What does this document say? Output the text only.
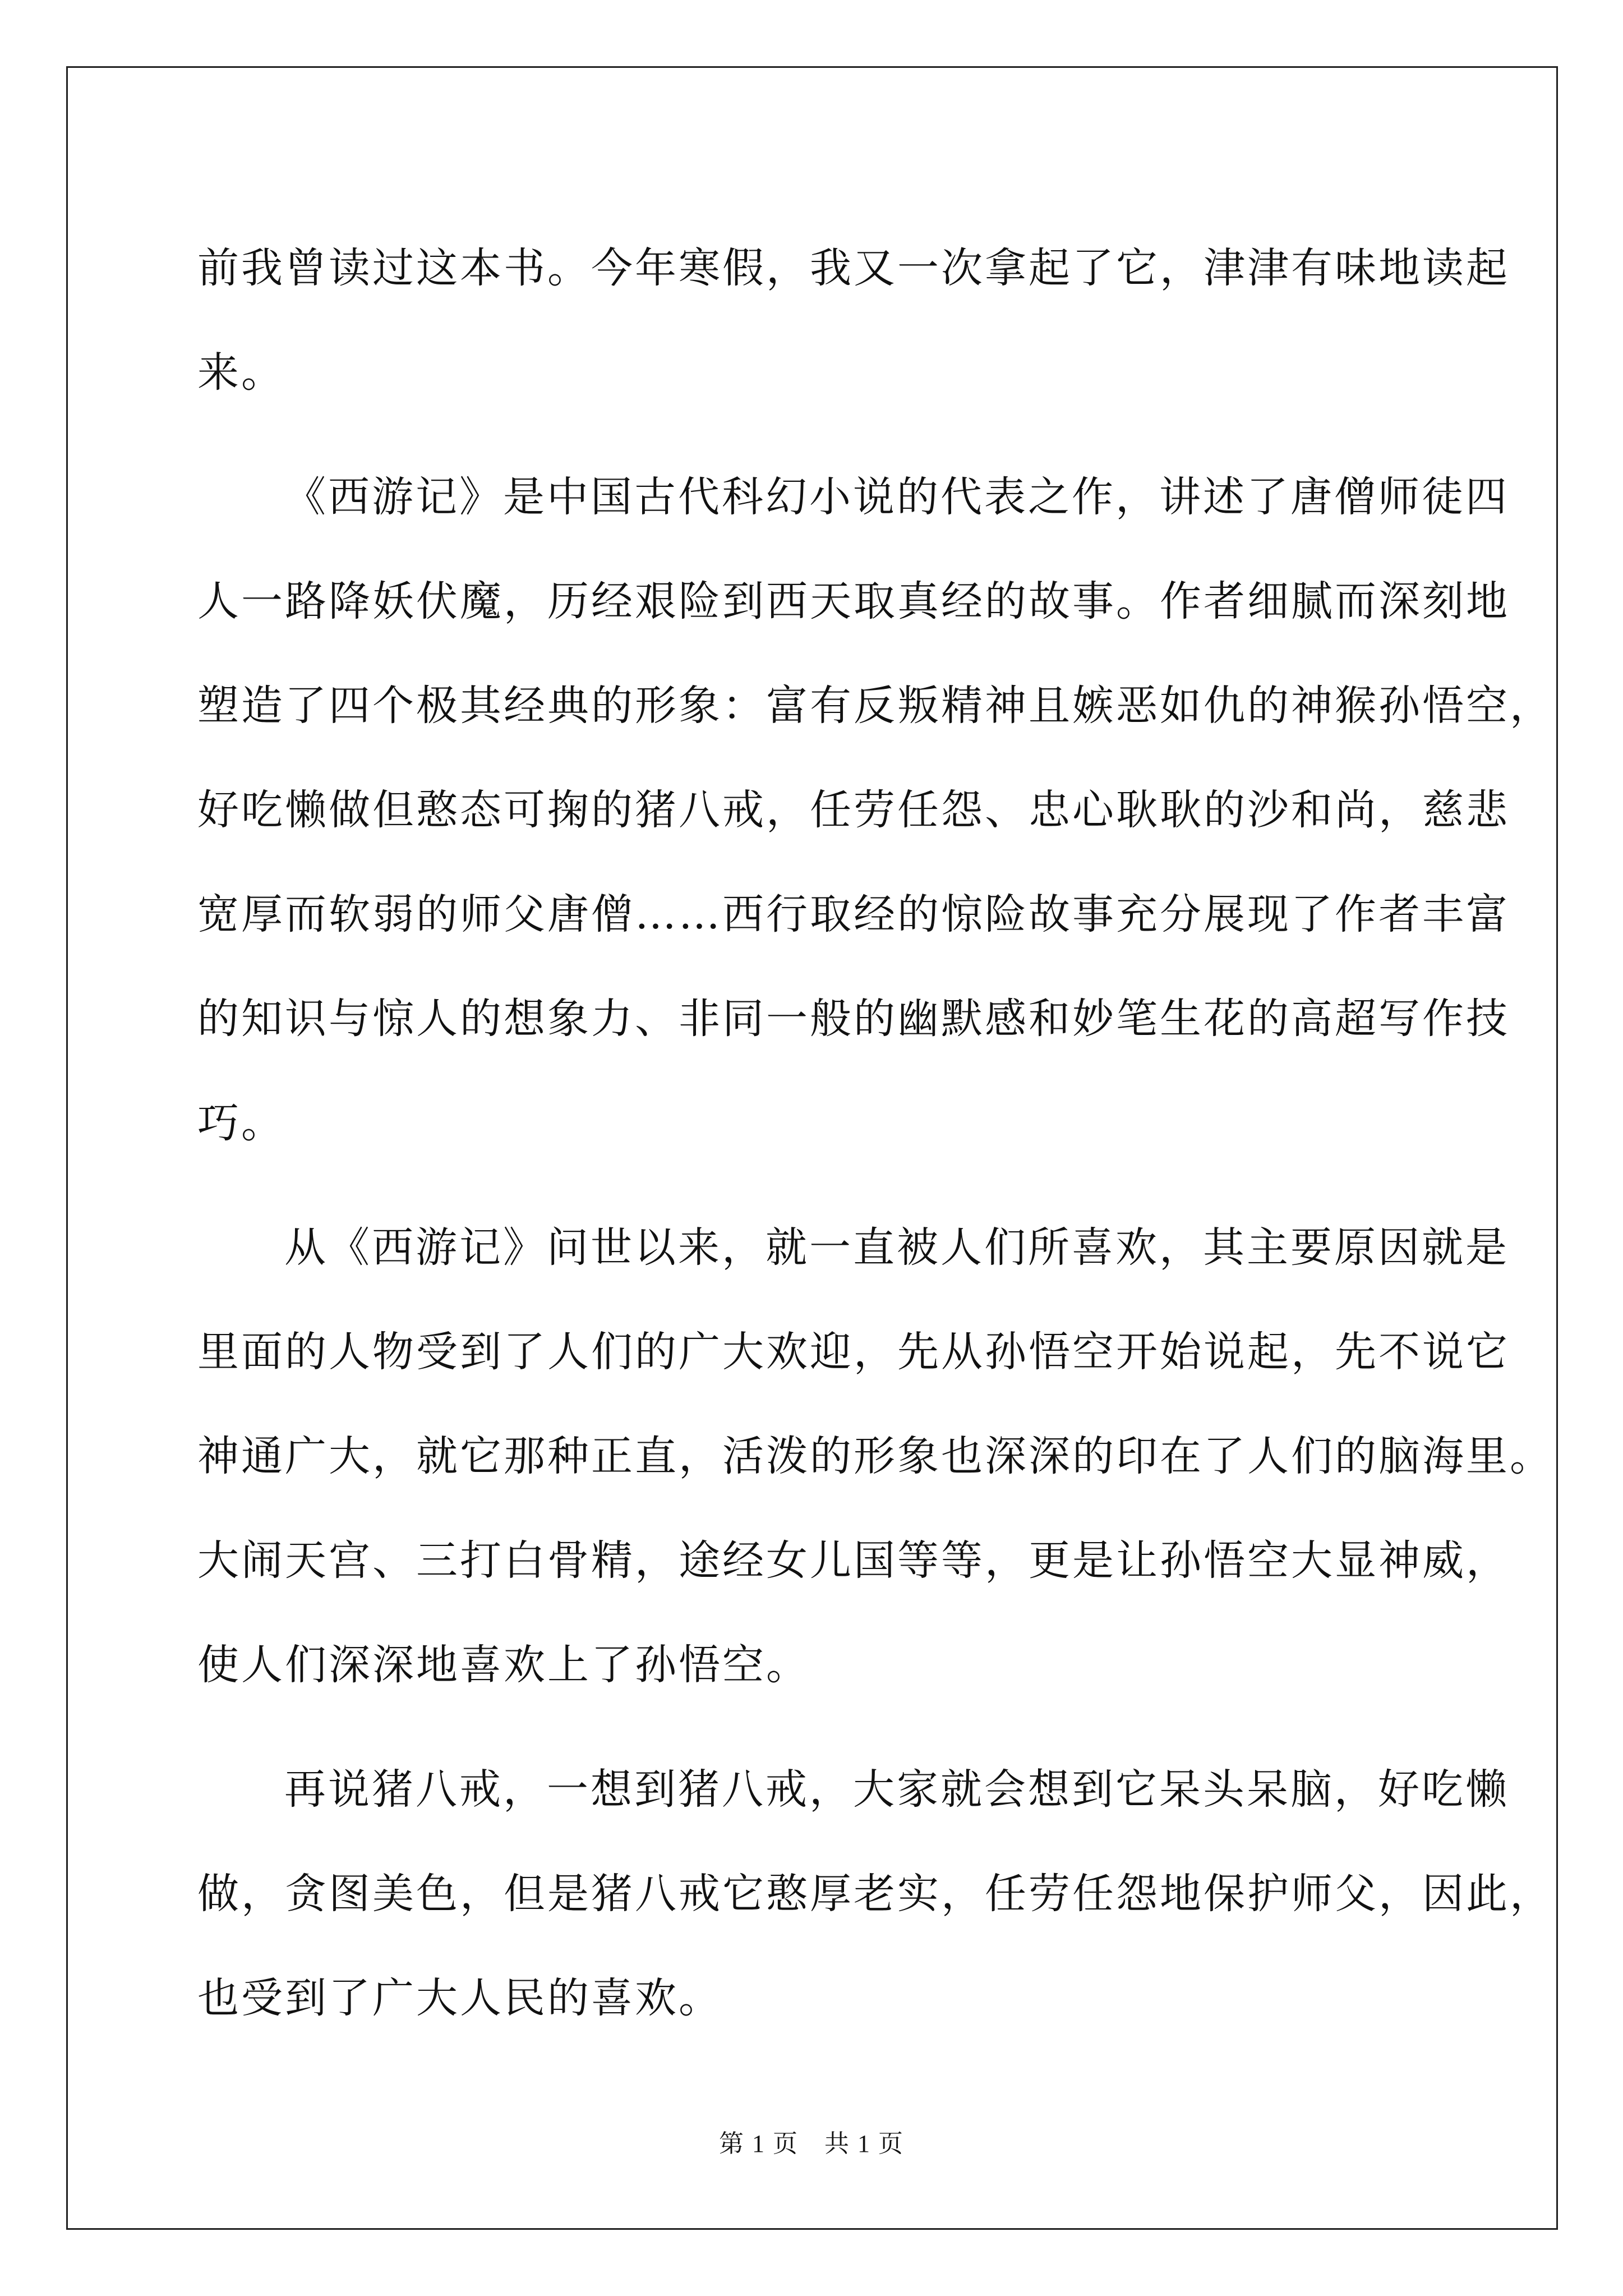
前我曾读过这本书。今年寒假，我又一次拿起了它，津津有味地读起
来。
《西游记》是中国古代科幻小说的代表之作，讲述了唐僧师徒四
人一路降妖伏魔，历经艰险到西天取真经的故事。作者细腻而深刻地
塑造了四个极其经典的形象：富有反叛精神且嫉恶如仇的神猴孙悟空，
好吃懒做但憨态可掬的猪八戒，任劳任怨、忠心耿耿的沙和尚，慈悲
宽厚而软弱的师父唐僧……西行取经的惊险故事充分展现了作者丰富
的知识与惊人的想象力、非同一般的幽默感和妙笔生花的高超写作技
巧。
从《西游记》问世以来，就一直被人们所喜欢，其主要原因就是
里面的人物受到了人们的广大欢迎，先从孙悟空开始说起，先不说它
神通广大，就它那种正直，活泼的形象也深深的印在了人们的脑海里。
大闹天宫、三打白骨精，途经女儿国等等，更是让孙悟空大显神威，
使人们深深地喜欢上了孙悟空。
再说猪八戒，一想到猪八戒，大家就会想到它呆头呆脑，好吃懒
做，贪图美色，但是猪八戒它憨厚老实，任劳任怨地保护师父，因此，
也受到了广大人民的喜欢。
第 1 页　共 1 页
